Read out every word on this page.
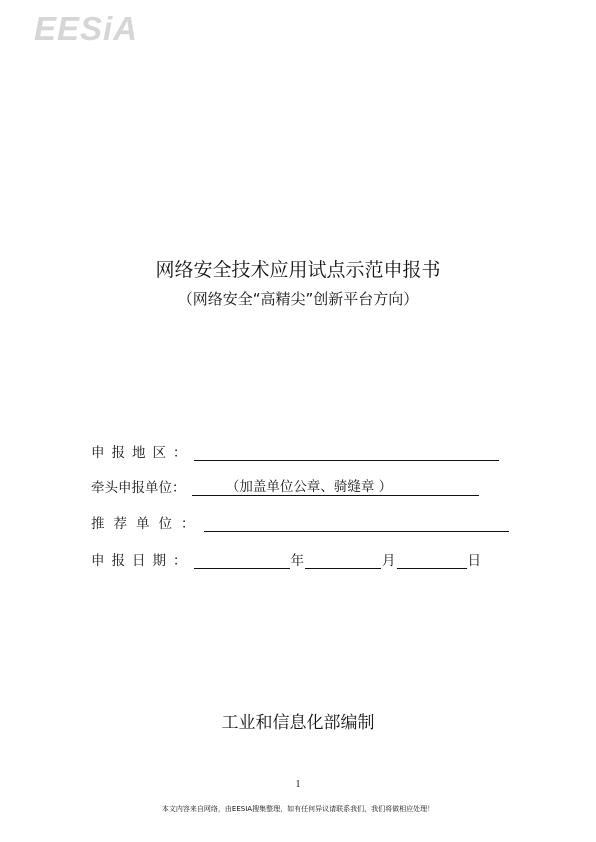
EESiA
网络安全技术应用试点示范申报书
（网络安全“高精尖”创新平台方向）
申报地区：
牵头申报单位：	（加盖单位公章、骑缝章 ）
推荐单位：
申报日期：	年	月	日
工业和信息化部编制
1
本文内容来自网络，由EESIA搜集整理，如有任何异议请联系我们，我们将做相应处理！
